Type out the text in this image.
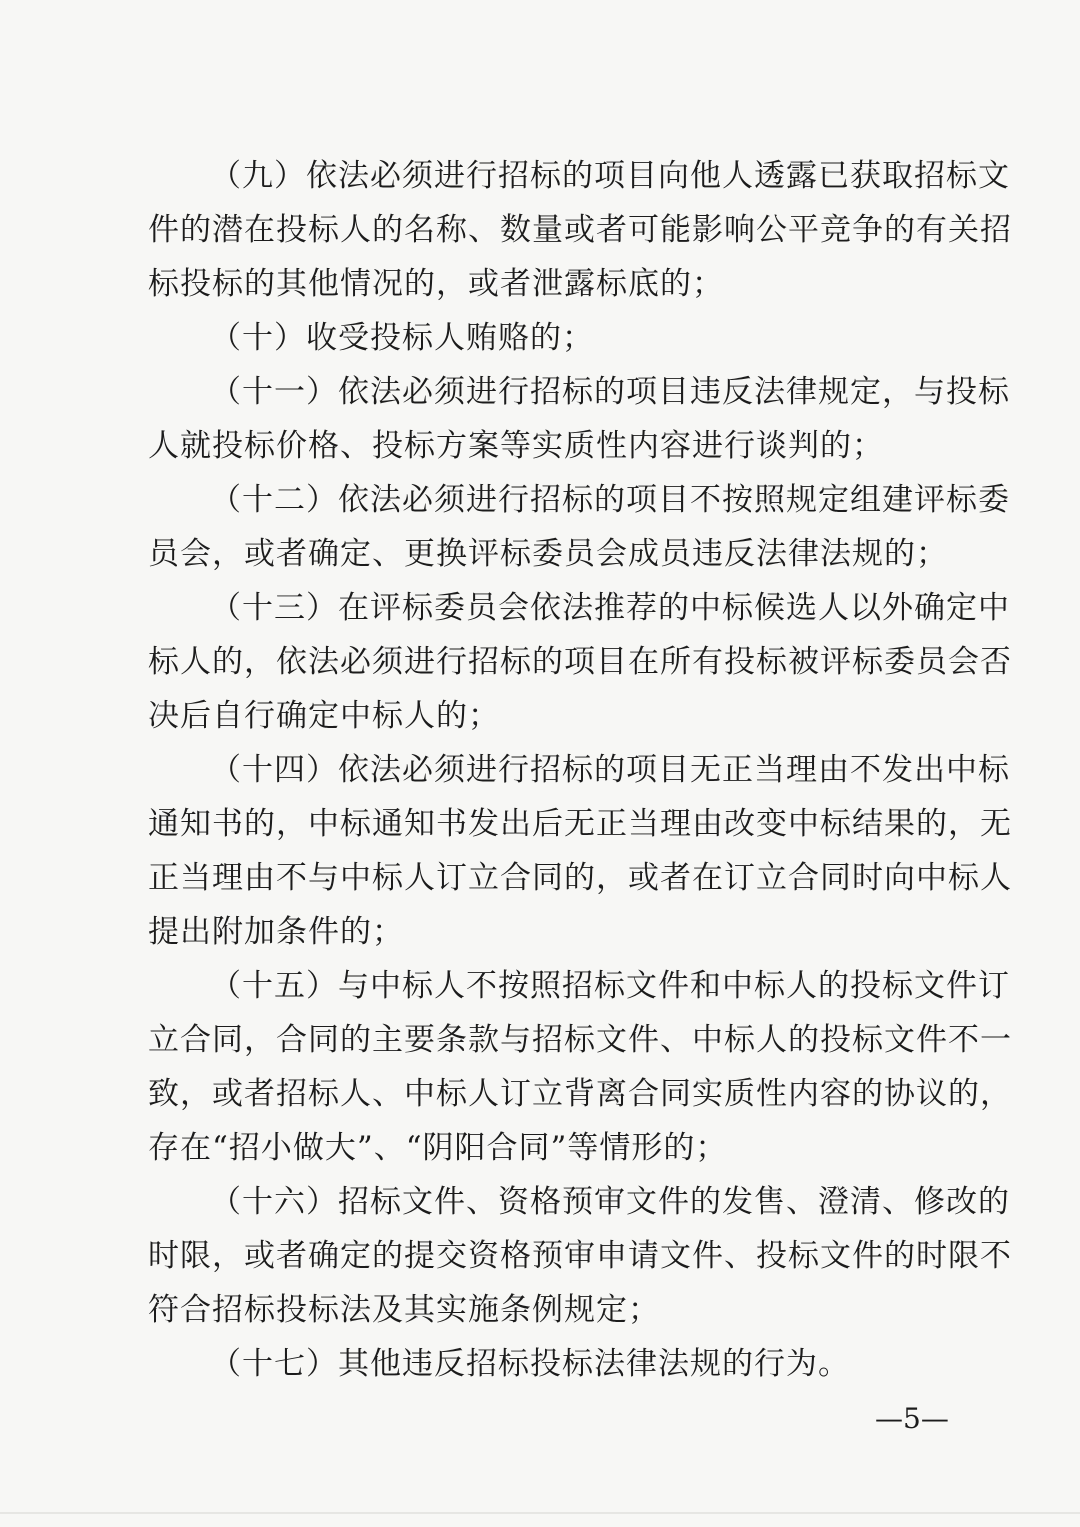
（九）依法必须进行招标的项目向他人透露已获取招标文
件的潜在投标人的名称、数量或者可能影响公平竞争的有关招
标投标的其他情况的，或者泄露标底的；
（十）收受投标人贿赂的；
（十一）依法必须进行招标的项目违反法律规定，与投标
人就投标价格、投标方案等实质性内容进行谈判的；
（十二）依法必须进行招标的项目不按照规定组建评标委
员会，或者确定、更换评标委员会成员违反法律法规的；
（十三）在评标委员会依法推荐的中标候选人以外确定中
标人的，依法必须进行招标的项目在所有投标被评标委员会否
决后自行确定中标人的；
（十四）依法必须进行招标的项目无正当理由不发出中标
通知书的，中标通知书发出后无正当理由改变中标结果的，无
正当理由不与中标人订立合同的，或者在订立合同时向中标人
提出附加条件的；
（十五）与中标人不按照招标文件和中标人的投标文件订
立合同，合同的主要条款与招标文件、中标人的投标文件不一
致，或者招标人、中标人订立背离合同实质性内容的协议的，
存在“招小做大”、“阴阳合同”等情形的；
（十六）招标文件、资格预审文件的发售、澄清、修改的
时限，或者确定的提交资格预审申请文件、投标文件的时限不
符合招标投标法及其实施条例规定；
（十七）其他违反招标投标法律法规的行为。
—5—
